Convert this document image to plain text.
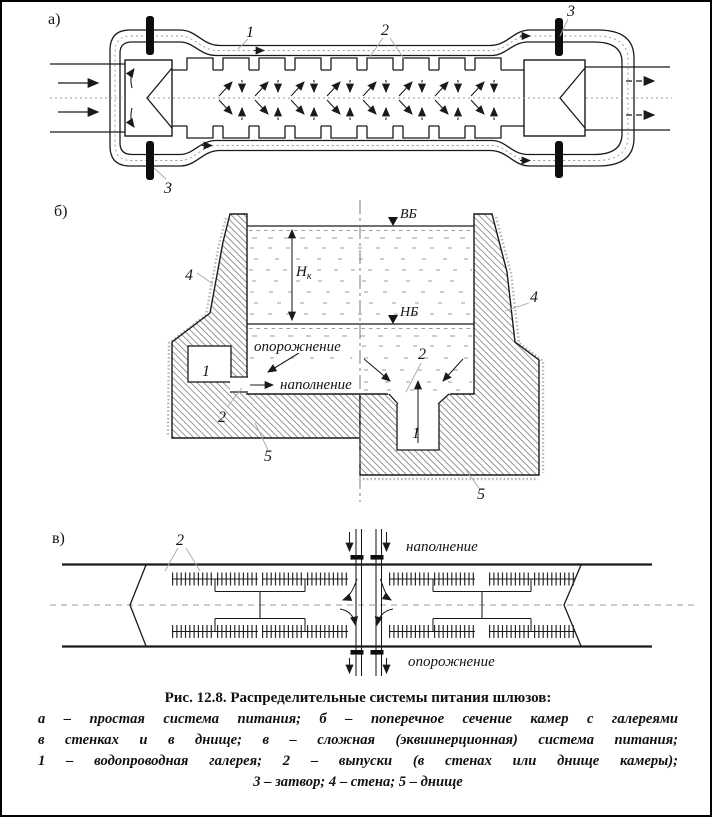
а)
1	2
3
3
б)	ВБ
НБ
$Н_к$
опорожнение
наполнение
4
4
1
1
2
2
5
5
в)	2	наполнение
опорожнение
Рис. 12.8. Распределительные системы питания шлюзов:
а – простая система питания; б – поперечное сечение камер с галереями
в стенках и в днище; в – сложная (эквиинерционная) система питания;
1 – водопроводная галерея; 2 – выпуски (в стенах или днище камеры);
3 – затвор; 4 – стена; 5 – днище
